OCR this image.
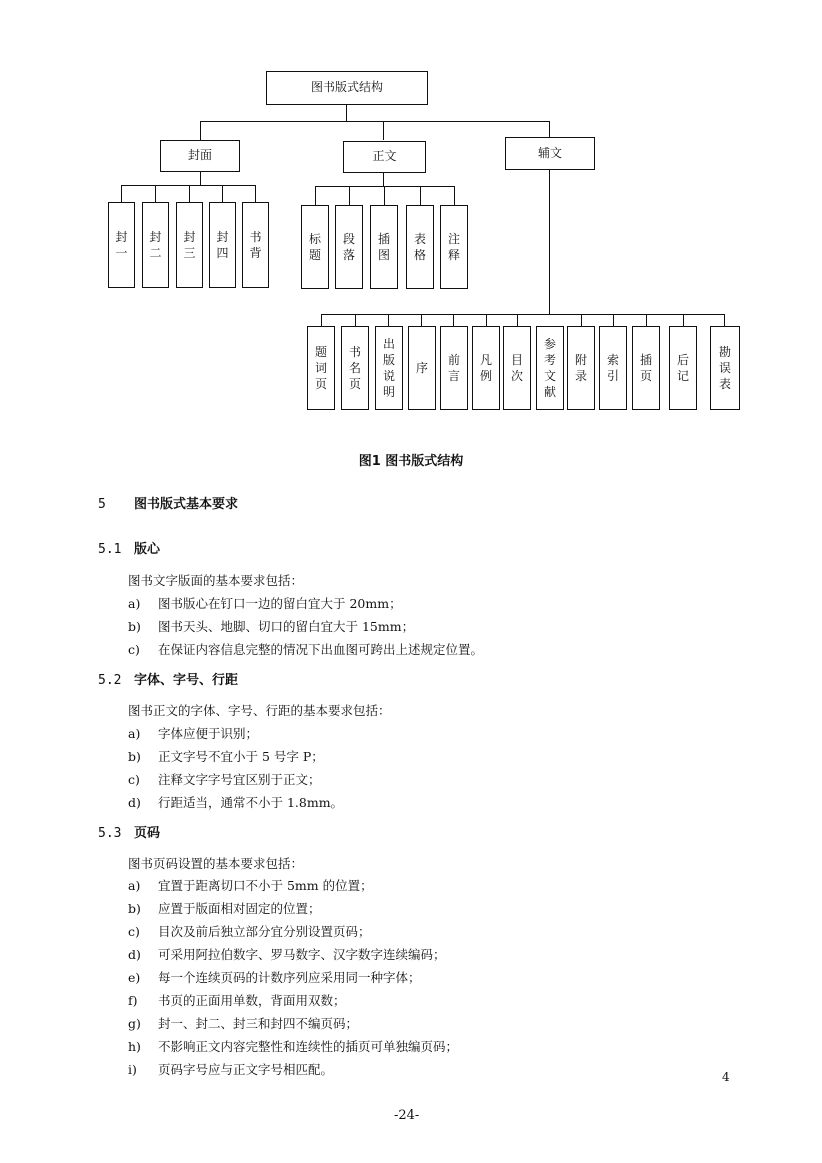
图书版式结构
封面	正文	辅文
封一
封二
封三
封四
书背
标题
段落
插图
表格
注释
题词页
书名页
出版说明
序
前言
凡例
目次
参考文献
附录
索引
插页
后记
勘误表
图1 图书版式结构
5 图书版式基本要求
5.1 版心
图书文字版面的基本要求包括：
a) 图书版心在钉口一边的留白宜大于 20mm；
b) 图书天头、地脚、切口的留白宜大于 15mm；
c) 在保证内容信息完整的情况下出血图可跨出上述规定位置。
5.2 字体、字号、行距
图书正文的字体、字号、行距的基本要求包括：
a) 字体应便于识别；
b) 正文字号不宜小于 5 号字 P；
c) 注释文字字号宜区别于正文；
d) 行距适当，通常不小于 1.8mm。
5.3 页码
图书页码设置的基本要求包括：
a) 宜置于距离切口不小于 5mm 的位置；
b) 应置于版面相对固定的位置；
c) 目次及前后独立部分宜分别设置页码；
d) 可采用阿拉伯数字、罗马数字、汉字数字连续编码；
e) 每一个连续页码的计数序列应采用同一种字体；
f) 书页的正面用单数，背面用双数；
g) 封一、封二、封三和封四不编页码；
h) 不影响正文内容完整性和连续性的插页可单独编页码；
i) 页码字号应与正文字号相匹配。	4
-24-
